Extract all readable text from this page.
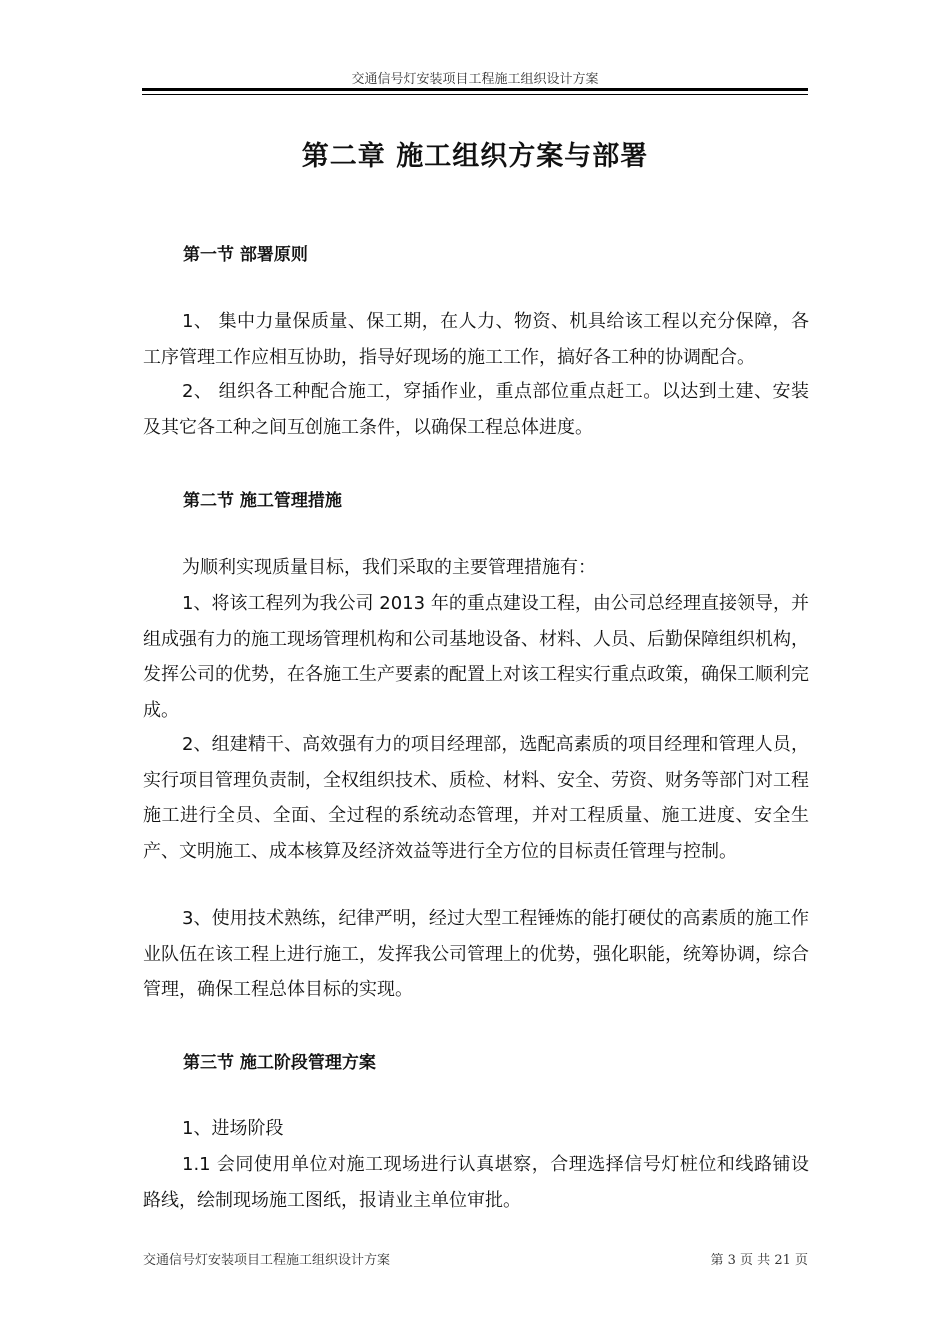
交通信号灯安装项目工程施工组织设计方案
第二章 施工组织方案与部署
第一节 部署原则

1、 集中力量保质量、保工期，在人力、物资、机具给该工程以充分保障，各工序管理工作应相互协助，指导好现场的施工工作，搞好各工种的协调配合。

2、 组织各工种配合施工，穿插作业，重点部位重点赶工。以达到土建、安装及其它各工种之间互创施工条件，以确保工程总体进度。

第二节 施工管理措施

为顺利实现质量目标，我们采取的主要管理措施有：

1、将该工程列为我公司 2013 年的重点建设工程，由公司总经理直接领导，并组成强有力的施工现场管理机构和公司基地设备、材料、人员、后勤保障组织机构，发挥公司的优势，在各施工生产要素的配置上对该工程实行重点政策，确保工顺利完成。

2、组建精干、高效强有力的项目经理部，选配高素质的项目经理和管理人员，实行项目管理负责制，全权组织技术、质检、材料、安全、劳资、财务等部门对工程施工进行全员、全面、全过程的系统动态管理，并对工程质量、施工进度、安全生产、文明施工、成本核算及经济效益等进行全方位的目标责任管理与控制。

3、使用技术熟练，纪律严明，经过大型工程锤炼的能打硬仗的高素质的施工作业队伍在该工程上进行施工，发挥我公司管理上的优势，强化职能，统筹协调，综合管理，确保工程总体目标的实现。

第三节 施工阶段管理方案

1、进场阶段

1.1 会同使用单位对施工现场进行认真堪察，合理选择信号灯桩位和线路铺设路线，绘制现场施工图纸，报请业主单位审批。

交通信号灯安装项目工程施工组织设计方案	第 3 页 共 21 页
